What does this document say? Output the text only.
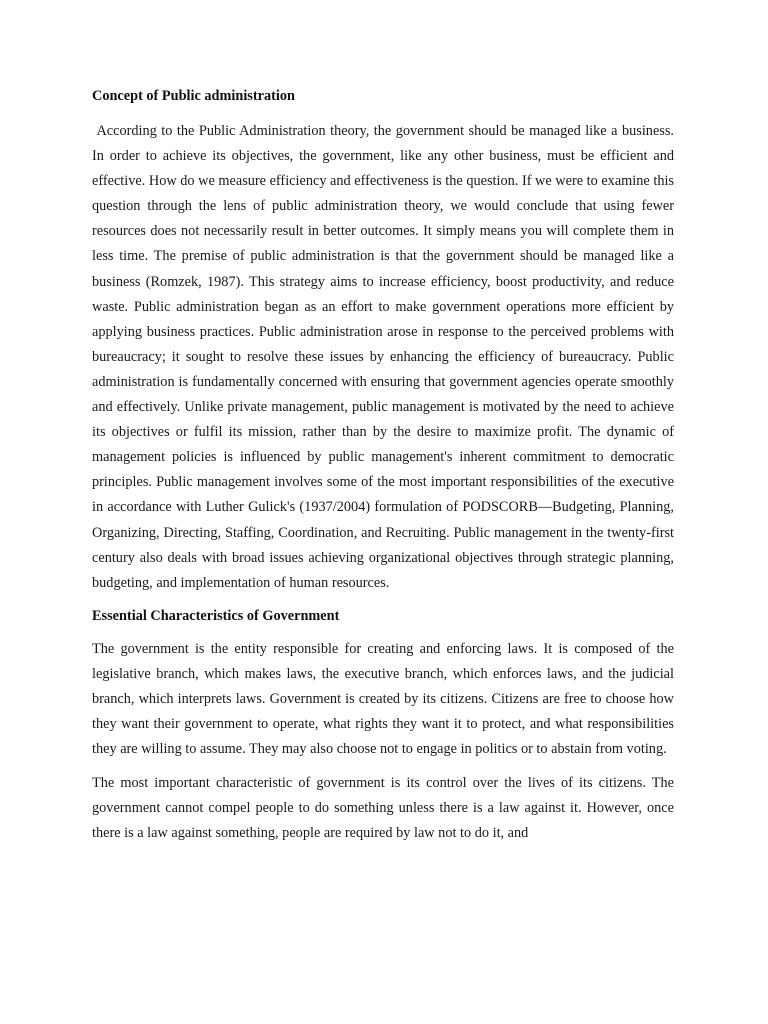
Concept of Public administration

According to the Public Administration theory, the government should be managed like a business. In order to achieve its objectives, the government, like any other business, must be efficient and effective. How do we measure efficiency and effectiveness is the question. If we were to examine this question through the lens of public administration theory, we would conclude that using fewer resources does not necessarily result in better outcomes. It simply means you will complete them in less time. The premise of public administration is that the government should be managed like a business (Romzek, 1987). This strategy aims to increase efficiency, boost productivity, and reduce waste. Public administration began as an effort to make government operations more efficient by applying business practices. Public administration arose in response to the perceived problems with bureaucracy; it sought to resolve these issues by enhancing the efficiency of bureaucracy. Public administration is fundamentally concerned with ensuring that government agencies operate smoothly and effectively. Unlike private management, public management is motivated by the need to achieve its objectives or fulfil its mission, rather than by the desire to maximize profit. The dynamic of management policies is influenced by public management's inherent commitment to democratic principles. Public management involves some of the most important responsibilities of the executive in accordance with Luther Gulick's (1937/2004) formulation of PODSCORB—Budgeting, Planning, Organizing, Directing, Staffing, Coordination, and Recruiting. Public management in the twenty-first century also deals with broad issues achieving organizational objectives through strategic planning, budgeting, and implementation of human resources.

Essential Characteristics of Government

The government is the entity responsible for creating and enforcing laws. It is composed of the legislative branch, which makes laws, the executive branch, which enforces laws, and the judicial branch, which interprets laws. Government is created by its citizens. Citizens are free to choose how they want their government to operate, what rights they want it to protect, and what responsibilities they are willing to assume. They may also choose not to engage in politics or to abstain from voting.

The most important characteristic of government is its control over the lives of its citizens. The government cannot compel people to do something unless there is a law against it. However, once there is a law against something, people are required by law not to do it, and
